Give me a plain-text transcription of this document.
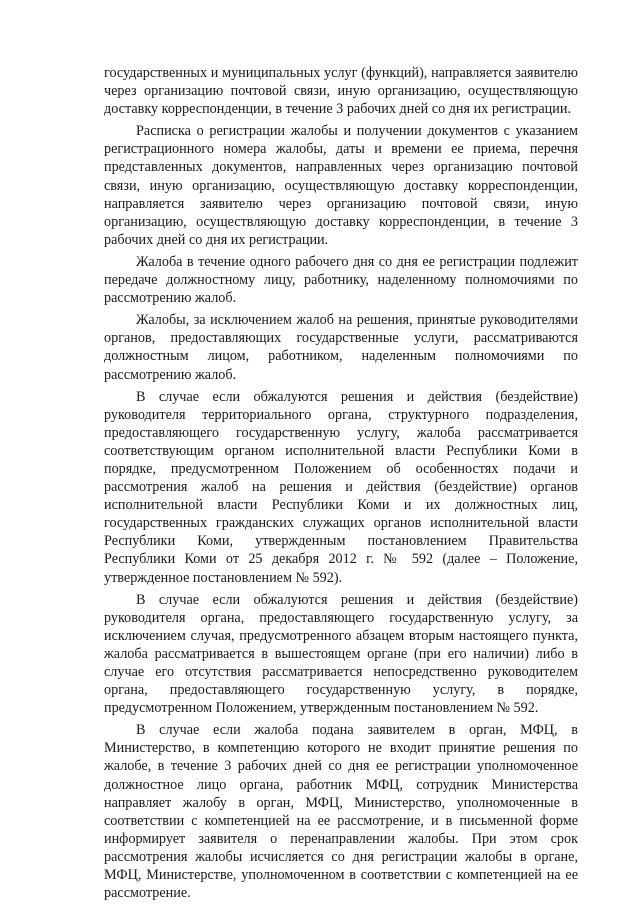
государственных и муниципальных услуг (функций), направляется заявителю через организацию почтовой связи, иную организацию, осуществляющую доставку корреспонденции, в течение 3 рабочих дней со дня их регистрации.

Расписка о регистрации жалобы и получении документов с указанием регистрационного номера жалобы, даты и времени ее приема, перечня представленных документов, направленных через организацию почтовой связи, иную организацию, осуществляющую доставку корреспонденции, направляется заявителю через организацию почтовой связи, иную организацию, осуществляющую доставку корреспонденции, в течение 3 рабочих дней со дня их регистрации.

Жалоба в течение одного рабочего дня со дня ее регистрации подлежит передаче должностному лицу, работнику, наделенному полномочиями по рассмотрению жалоб.

Жалобы, за исключением жалоб на решения, принятые руководителями органов, предоставляющих государственные услуги, рассматриваются должностным лицом, работником, наделенным полномочиями по рассмотрению жалоб.

В случае если обжалуются решения и действия (бездействие) руководителя территориального органа, структурного подразделения, предоставляющего государственную услугу, жалоба рассматривается соответствующим органом исполнительной власти Республики Коми в порядке, предусмотренном Положением об особенностях подачи и рассмотрения жалоб на решения и действия (бездействие) органов исполнительной власти Республики Коми и их должностных лиц, государственных гражданских служащих органов исполнительной власти Республики Коми, утвержденным постановлением Правительства Республики Коми от 25 декабря 2012 г. № 592 (далее – Положение, утвержденное постановлением № 592).

В случае если обжалуются решения и действия (бездействие) руководителя органа, предоставляющего государственную услугу, за исключением случая, предусмотренного абзацем вторым настоящего пункта, жалоба рассматривается в вышестоящем органе (при его наличии) либо в случае его отсутствия рассматривается непосредственно руководителем органа, предоставляющего государственную услугу, в порядке, предусмотренном Положением, утвержденным постановлением № 592.

В случае если жалоба подана заявителем в орган, МФЦ, в Министерство, в компетенцию которого не входит принятие решения по жалобе, в течение 3 рабочих дней со дня ее регистрации уполномоченное должностное лицо органа, работник МФЦ, сотрудник Министерства направляет жалобу в орган, МФЦ, Министерство, уполномоченные в соответствии с компетенцией на ее рассмотрение, и в письменной форме информирует заявителя о перенаправлении жалобы. При этом срок рассмотрения жалобы исчисляется со дня регистрации жалобы в органе, МФЦ, Министерстве, уполномоченном в соответствии с компетенцией на ее рассмотрение.
